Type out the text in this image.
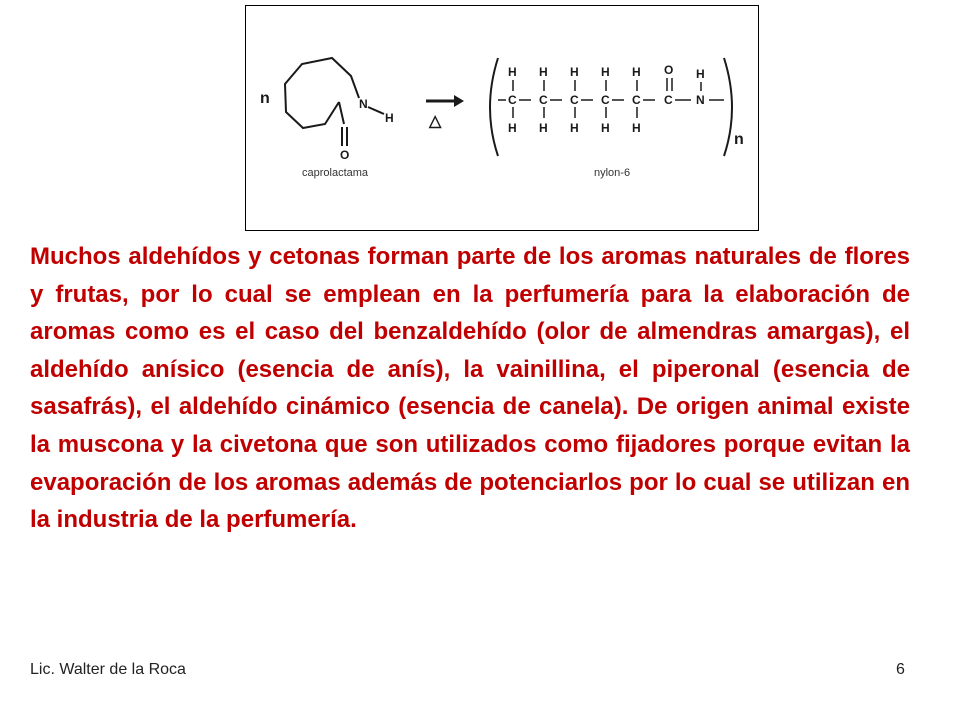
n	N
H
O
caprolactama
△
C C C C C C N
H H H H H O H
H H H H H
n
nylon-6

Muchos aldehídos y cetonas forman parte de los aromas naturales de flores y frutas, por lo cual se emplean en la perfumería para la elaboración de aromas como es el caso del benzaldehído (olor de almendras amargas), el aldehído anísico (esencia de anís), la vainillina, el piperonal (esencia de sasafrás), el aldehído cinámico (esencia de canela). De origen animal existe la muscona y la civetona que son utilizados como fijadores porque evitan la evaporación de los aromas además de potenciarlos por lo cual se utilizan en la industria de la perfumería.

Lic. Walter de la Roca	6
